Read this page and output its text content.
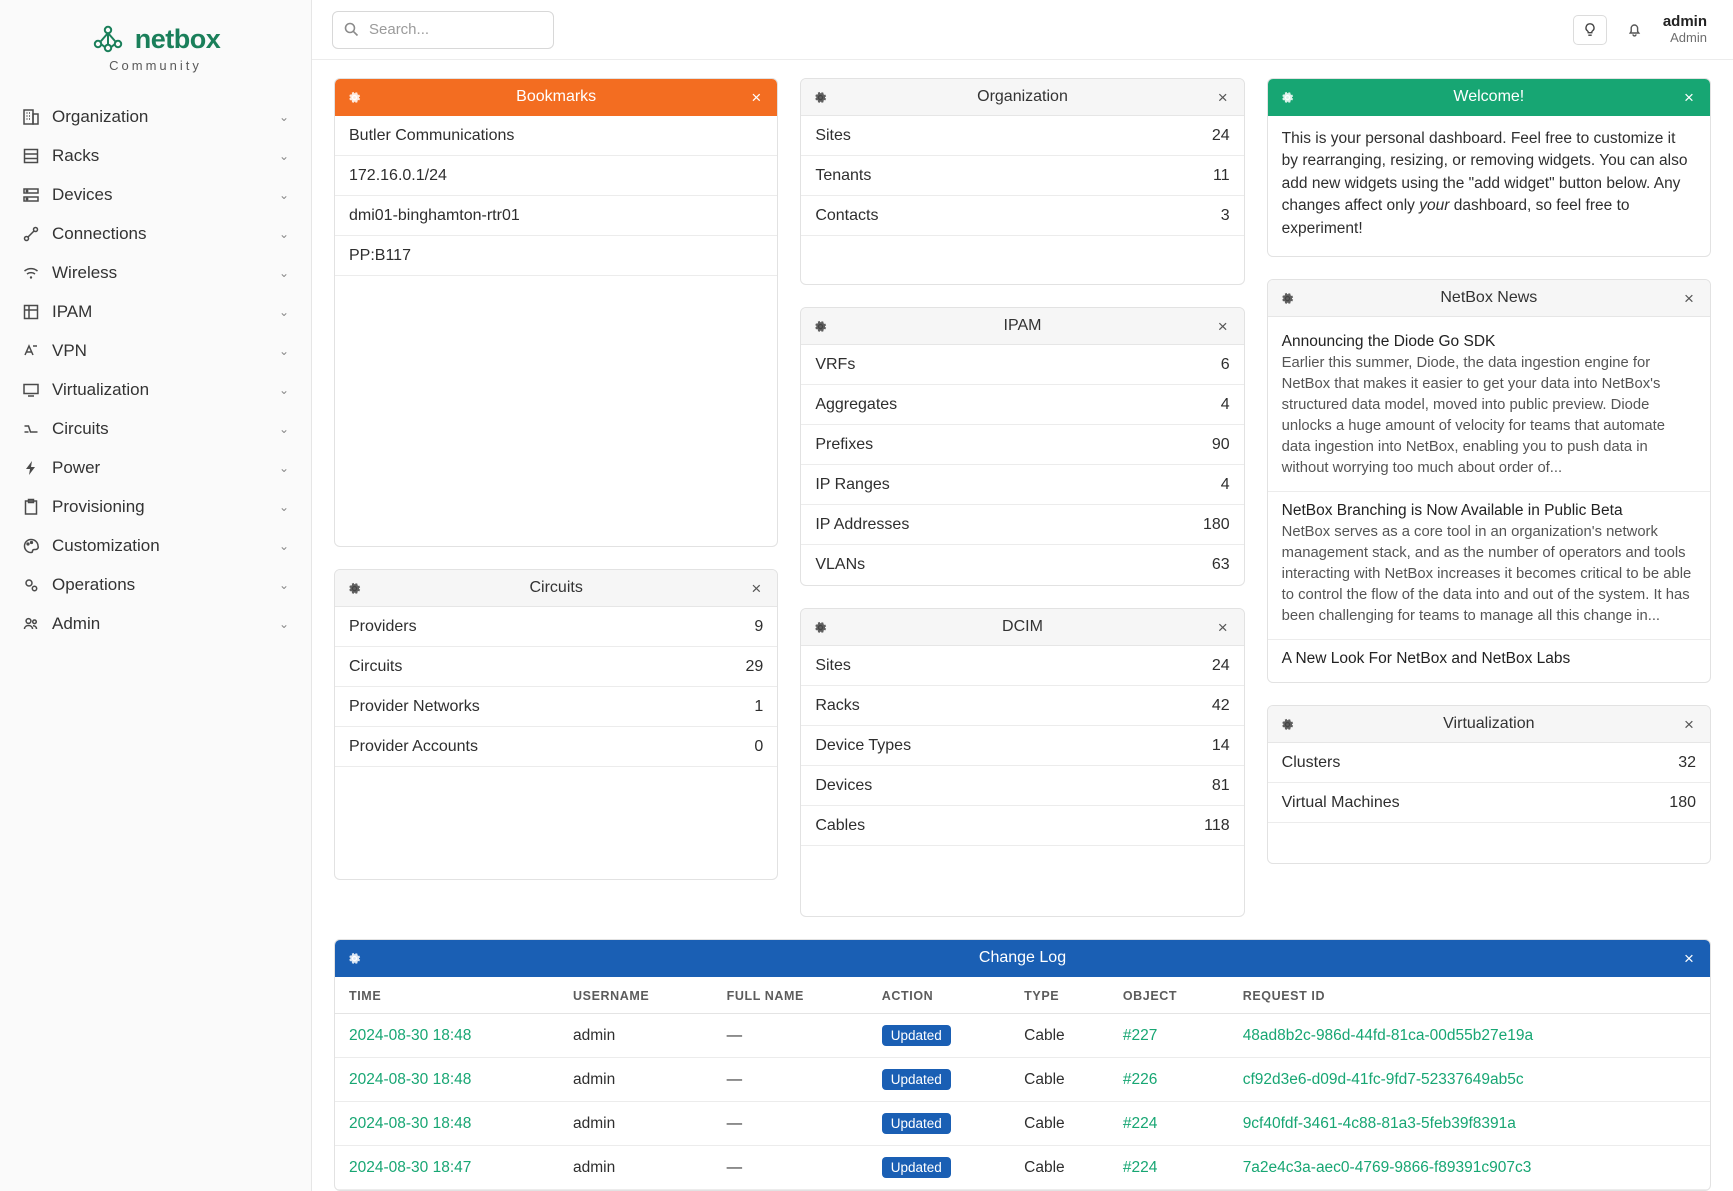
netbox
Community
Organization	⌄
Racks	⌄
Devices	⌄
Connections	⌄
Wireless	⌄
IPAM	⌄
VPN	⌄
Virtualization	⌄
Circuits	⌄
Power	⌄
Provisioning	⌄
Customization	⌄
Operations	⌄
Admin	⌄
Search...
admin
Admin
Bookmarks	×
Butler Communications
172.16.0.1/24
dmi01-binghamton-rtr01
PP:B117
Circuits	×
Providers	9
Circuits	29
Provider Networks	1
Provider Accounts	0
Organization	×
Sites	24
Tenants	11
Contacts	3
IPAM	×
VRFs	6
Aggregates	4
Prefixes	90
IP Ranges	4
IP Addresses	180
VLANs	63
DCIM	×
Sites	24
Racks	42
Device Types	14
Devices	81
Cables	118
Welcome!	×
This is your personal dashboard. Feel free to customize it by rearranging, resizing, or removing widgets. You can also add new widgets using the "add widget" button below. Any changes affect only your dashboard, so feel free to experiment!
NetBox News	×
Announcing the Diode Go SDK
Earlier this summer, Diode, the data ingestion engine for NetBox that makes it easier to get your data into NetBox's structured data model, moved into public preview. Diode unlocks a huge amount of velocity for teams that automate data ingestion into NetBox, enabling you to push data in without worrying too much about order of...
NetBox Branching is Now Available in Public Beta
NetBox serves as a core tool in an organization's network management stack, and as the number of operators and tools interacting with NetBox increases it becomes critical to be able to control the flow of the data into and out of the system. It has been challenging for teams to manage all this change in...
A New Look For NetBox and NetBox Labs
Virtualization	×
Clusters	32
Virtual Machines	180
Change Log	×
TIME	USERNAME	FULL NAME	ACTION	TYPE	OBJECT	REQUEST ID
2024-08-30 18:48	admin	—	Updated	Cable	#227	48ad8b2c-986d-44fd-81ca-00d55b27e19a
2024-08-30 18:48	admin	—	Updated	Cable	#226	cf92d3e6-d09d-41fc-9fd7-52337649ab5c
2024-08-30 18:48	admin	—	Updated	Cable	#224	9cf40fdf-3461-4c88-81a3-5feb39f8391a
2024-08-30 18:47	admin	—	Updated	Cable	#224	7a2e4c3a-aec0-4769-9866-f89391c907c3
